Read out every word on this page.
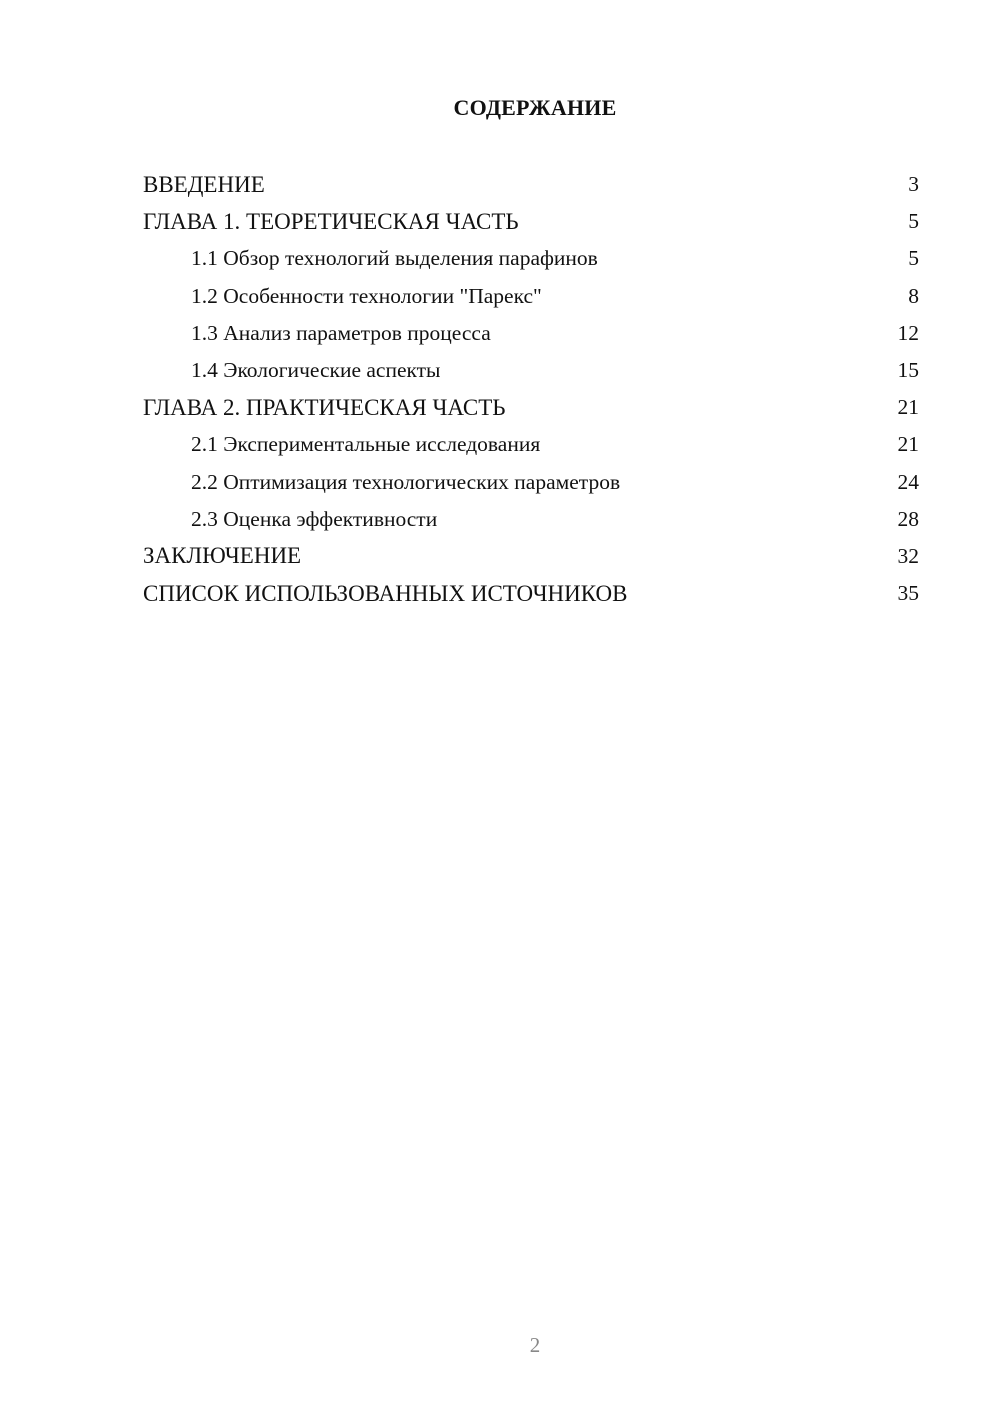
СОДЕРЖАНИЕ
ВВЕДЕНИЕ	3
ГЛАВА 1. ТЕОРЕТИЧЕСКАЯ ЧАСТЬ	5
1.1 Обзор технологий выделения парафинов	5
1.2 Особенности технологии "Парекс"	8
1.3 Анализ параметров процесса	12
1.4 Экологические аспекты	15
ГЛАВА 2. ПРАКТИЧЕСКАЯ ЧАСТЬ	21
2.1 Экспериментальные исследования	21
2.2 Оптимизация технологических параметров	24
2.3 Оценка эффективности	28
ЗАКЛЮЧЕНИЕ	32
СПИСОК ИСПОЛЬЗОВАННЫХ ИСТОЧНИКОВ	35
2
